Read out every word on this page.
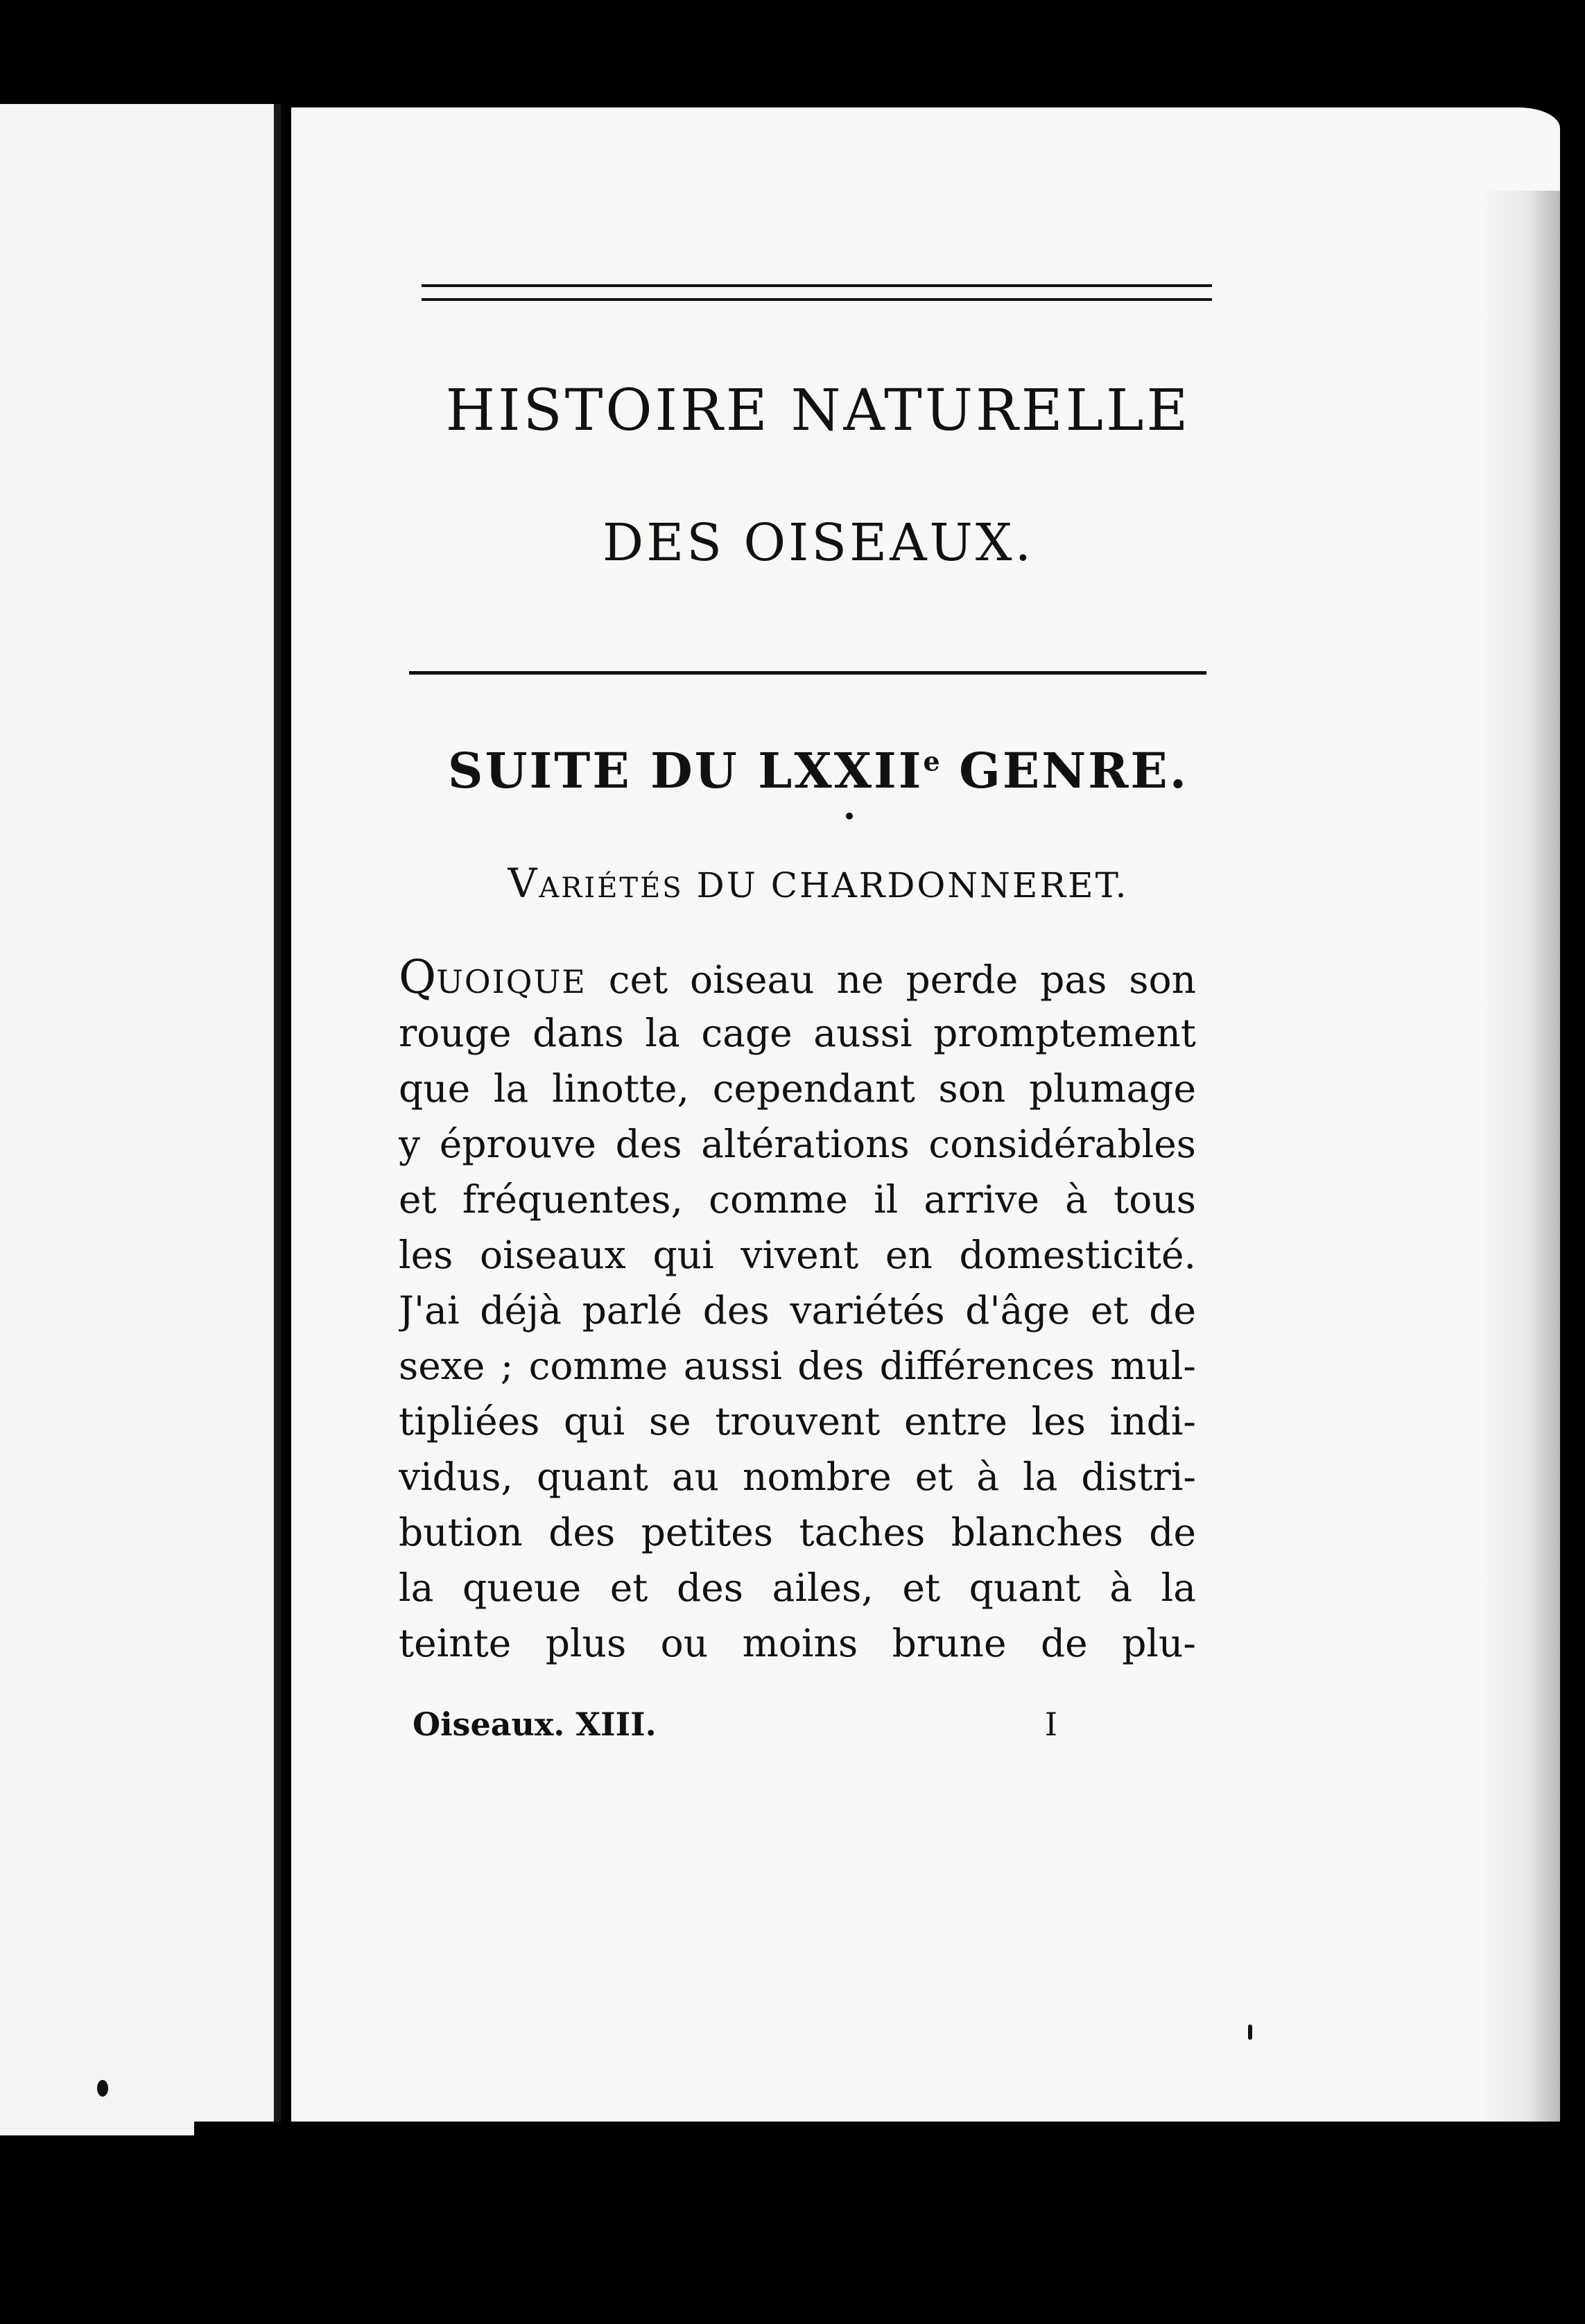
HISTOIRE NATURELLE
DES OISEAUX.
SUITE DU LXXIIe GENRE.
VARIÉTÉS DU CHARDONNERET.
QUOIQUE cet oiseau ne perde pas son
rouge dans la cage aussi promptement
que la linotte, cependant son plumage
y éprouve des altérations considérables
et fréquentes, comme il arrive à tous
les oiseaux qui vivent en domesticité.
J'ai déjà parlé des variétés d'âge et de
sexe ; comme aussi des différences mul-
tipliées qui se trouvent entre les indi-
vidus, quant au nombre et à la distri-
bution des petites taches blanches de
la queue et des ailes, et quant à la
teinte plus ou moins brune de plu-
Oiseaux. XIII.	I
